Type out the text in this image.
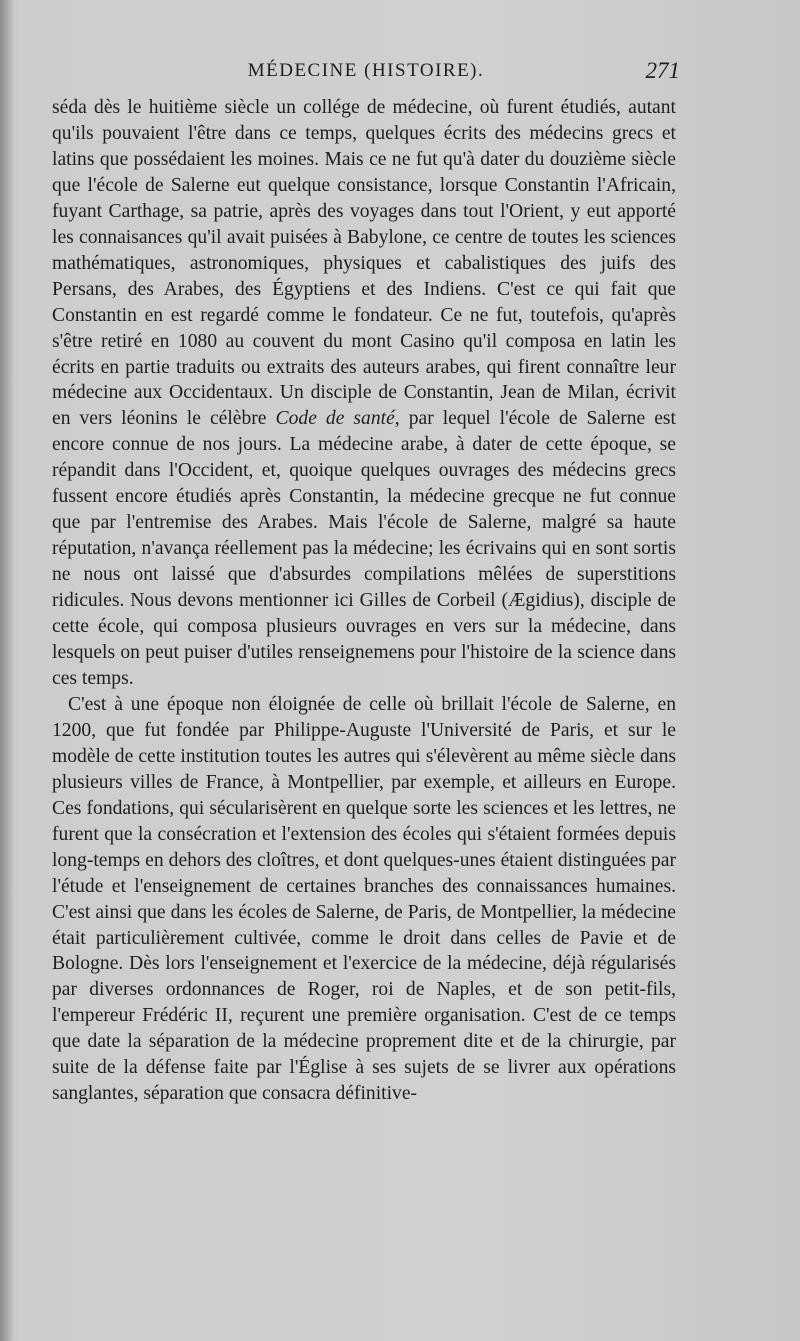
MÉDECINE (HISTOIRE).	271

séda dès le huitième siècle un collége de médecine, où furent étudiés, autant qu'ils pouvaient l'être dans ce temps, quelques écrits des médecins grecs et latins que possédaient les moines. Mais ce ne fut qu'à dater du douzième siècle que l'école de Salerne eut quelque consistance, lorsque Constantin l'Africain, fuyant Carthage, sa patrie, après des voyages dans tout l'Orient, y eut apporté les connaisances qu'il avait puisées à Babylone, ce centre de toutes les sciences mathématiques, astronomiques, physiques et cabalistiques des juifs des Persans, des Arabes, des Égyptiens et des Indiens. C'est ce qui fait que Constantin en est regardé comme le fondateur. Ce ne fut, toutefois, qu'après s'être retiré en 1080 au couvent du mont Casino qu'il composa en latin les écrits en partie traduits ou extraits des auteurs arabes, qui firent connaître leur médecine aux Occidentaux. Un disciple de Constantin, Jean de Milan, écrivit en vers léonins le célèbre Code de santé, par lequel l'école de Salerne est encore connue de nos jours. La médecine arabe, à dater de cette époque, se répandit dans l'Occident, et, quoique quelques ouvrages des médecins grecs fussent encore étudiés après Constantin, la médecine grecque ne fut connue que par l'entremise des Arabes. Mais l'école de Salerne, malgré sa haute réputation, n'avança réellement pas la médecine; les écrivains qui en sont sortis ne nous ont laissé que d'absurdes compilations mêlées de superstitions ridicules. Nous devons mentionner ici Gilles de Corbeil (Ægidius), disciple de cette école, qui composa plusieurs ouvrages en vers sur la médecine, dans lesquels on peut puiser d'utiles renseignemens pour l'histoire de la science dans ces temps.

C'est à une époque non éloignée de celle où brillait l'école de Salerne, en 1200, que fut fondée par Philippe-Auguste l'Université de Paris, et sur le modèle de cette institution toutes les autres qui s'élevèrent au même siècle dans plusieurs villes de France, à Montpellier, par exemple, et ailleurs en Europe. Ces fondations, qui sécularisèrent en quelque sorte les sciences et les lettres, ne furent que la consécration et l'extension des écoles qui s'étaient formées depuis long-temps en dehors des cloîtres, et dont quelques-unes étaient distinguées par l'étude et l'enseignement de certaines branches des connaissances humaines. C'est ainsi que dans les écoles de Salerne, de Paris, de Montpellier, la médecine était particulièrement cultivée, comme le droit dans celles de Pavie et de Bologne. Dès lors l'enseignement et l'exercice de la médecine, déjà régularisés par diverses ordonnances de Roger, roi de Naples, et de son petit-fils, l'empereur Frédéric II, reçurent une première organisation. C'est de ce temps que date la séparation de la médecine proprement dite et de la chirurgie, par suite de la défense faite par l'Église à ses sujets de se livrer aux opérations sanglantes, séparation que consacra définitive-
